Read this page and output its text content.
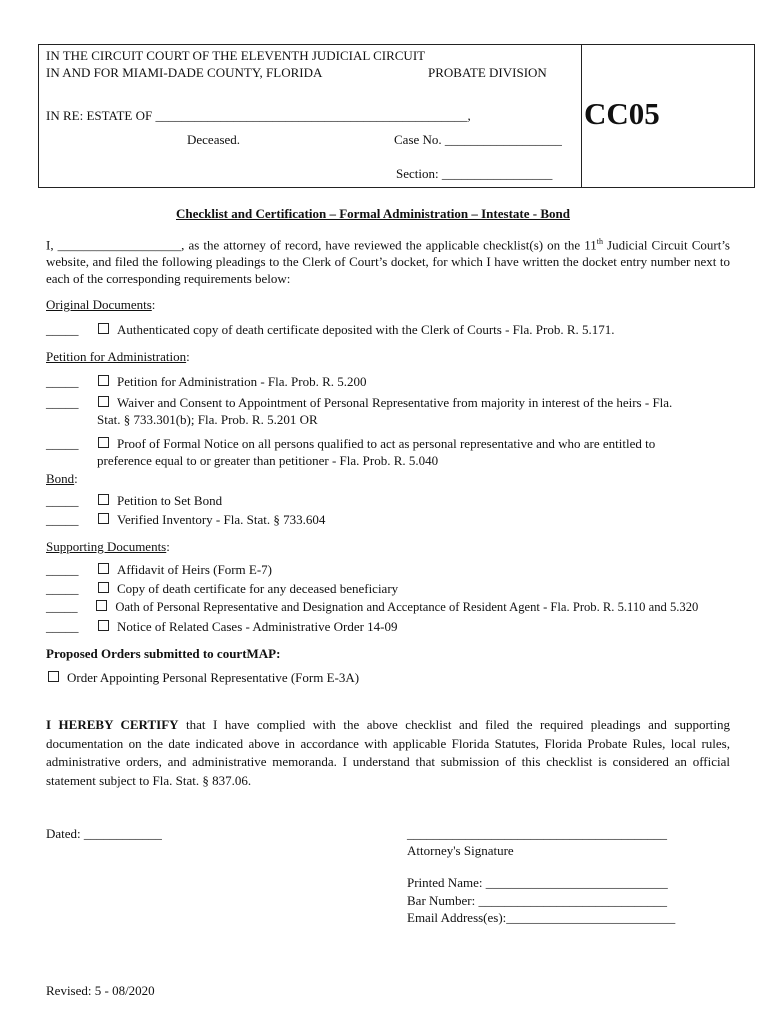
IN THE CIRCUIT COURT OF THE ELEVENTH JUDICIAL CIRCUIT
IN AND FOR MIAMI-DADE COUNTY, FLORIDA	PROBATE DIVISION
IN RE: ESTATE OF ________________________________________________,
Deceased.	Case No. __________________
Section: _________________
CC05
Checklist and Certification – Formal Administration – Intestate - Bond
I, ___________________, as the attorney of record, have reviewed the applicable checklist(s) on the 11th Judicial Circuit Court’s website, and filed the following pleadings to the Clerk of Court’s docket, for which I have written the docket entry number next to each of the corresponding requirements below:
Original Documents:
_____	Authenticated copy of death certificate deposited with the Clerk of Courts - Fla. Prob. R. 5.171.
Petition for Administration:
_____	Petition for Administration - Fla. Prob. R. 5.200
_____	Waiver and Consent to Appointment of Personal Representative from majority in interest of the heirs - Fla.
Stat. § 733.301(b); Fla. Prob. R. 5.201 OR
_____	Proof of Formal Notice on all persons qualified to act as personal representative and who are entitled to
preference equal to or greater than petitioner - Fla. Prob. R. 5.040
Bond:
_____	Petition to Set Bond
_____	Verified Inventory - Fla. Stat. § 733.604
Supporting Documents:
_____	Affidavit of Heirs (Form E-7)
_____	Copy of death certificate for any deceased beneficiary
_____	Oath of Personal Representative and Designation and Acceptance of Resident Agent - Fla. Prob. R. 5.110 and 5.320
_____	Notice of Related Cases - Administrative Order 14-09
Proposed Orders submitted to courtMAP:
Order Appointing Personal Representative (Form E-3A)
I HEREBY CERTIFY that I have complied with the above checklist and filed the required pleadings and supporting documentation on the date indicated above in accordance with applicable Florida Statutes, Florida Probate Rules, local rules, administrative orders, and administrative memoranda. I understand that submission of this checklist is considered an official statement subject to Fla. Stat. § 837.06.
Dated: ____________	________________________________________
Attorney's Signature
Printed Name: ____________________________
Bar Number: _____________________________
Email Address(es):__________________________
Revised: 5 - 08/2020
